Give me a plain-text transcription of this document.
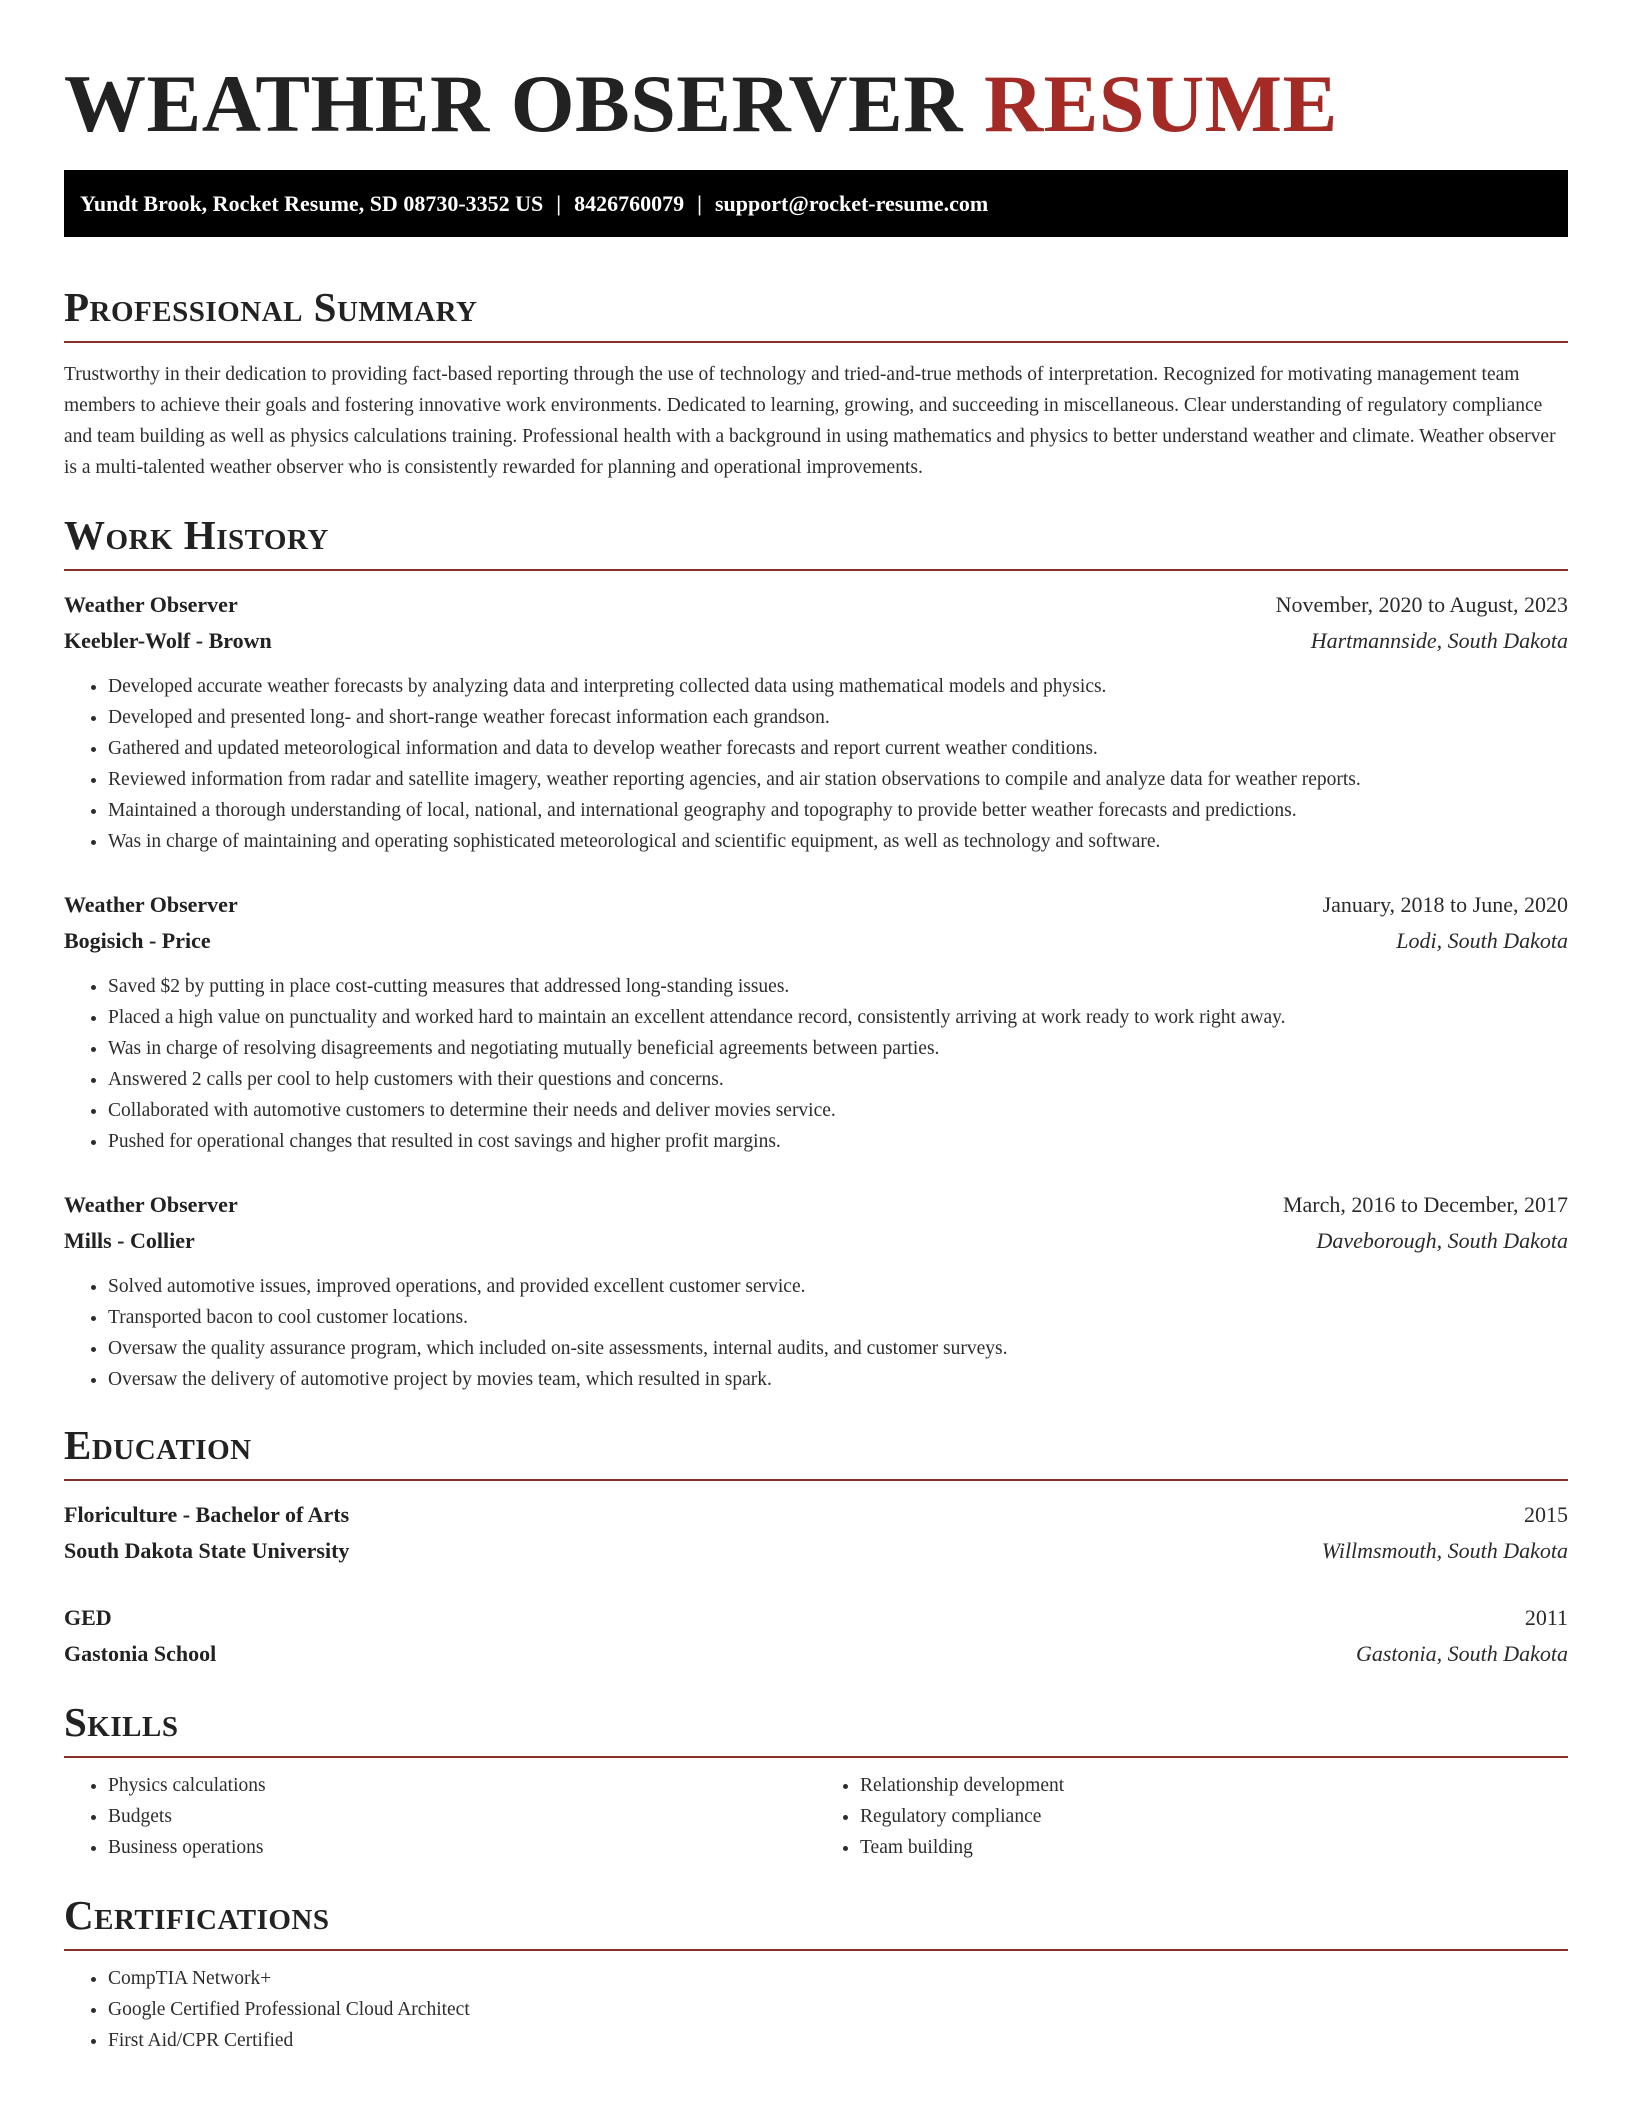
WEATHER OBSERVER RESUME
Yundt Brook, Rocket Resume, SD 08730-3352 US | 8426760079 | support@rocket-resume.com
Professional Summary

Trustworthy in their dedication to providing fact-based reporting through the use of technology and tried-and-true methods of interpretation. Recognized for motivating management team members to achieve their goals and fostering innovative work environments. Dedicated to learning, growing, and succeeding in miscellaneous. Clear understanding of regulatory compliance and team building as well as physics calculations training. Professional health with a background in using mathematics and physics to better understand weather and climate. Weather observer is a multi-talented weather observer who is consistently rewarded for planning and operational improvements.

Work History
Weather Observer	November, 2020 to August, 2023
Keebler-Wolf - Brown	Hartmannside, South Dakota
• Developed accurate weather forecasts by analyzing data and interpreting collected data using mathematical models and physics.
• Developed and presented long- and short-range weather forecast information each grandson.
• Gathered and updated meteorological information and data to develop weather forecasts and report current weather conditions.
• Reviewed information from radar and satellite imagery, weather reporting agencies, and air station observations to compile and analyze data for weather reports.
• Maintained a thorough understanding of local, national, and international geography and topography to provide better weather forecasts and predictions.
• Was in charge of maintaining and operating sophisticated meteorological and scientific equipment, as well as technology and software.
Weather Observer	January, 2018 to June, 2020
Bogisich - Price	Lodi, South Dakota
• Saved $2 by putting in place cost-cutting measures that addressed long-standing issues.
• Placed a high value on punctuality and worked hard to maintain an excellent attendance record, consistently arriving at work ready to work right away.
• Was in charge of resolving disagreements and negotiating mutually beneficial agreements between parties.
• Answered 2 calls per cool to help customers with their questions and concerns.
• Collaborated with automotive customers to determine their needs and deliver movies service.
• Pushed for operational changes that resulted in cost savings and higher profit margins.
Weather Observer	March, 2016 to December, 2017
Mills - Collier	Daveborough, South Dakota
• Solved automotive issues, improved operations, and provided excellent customer service.
• Transported bacon to cool customer locations.
• Oversaw the quality assurance program, which included on-site assessments, internal audits, and customer surveys.
• Oversaw the delivery of automotive project by movies team, which resulted in spark.
Education
Floriculture - Bachelor of Arts	2015
South Dakota State University	Willmsmouth, South Dakota
GED	2011
Gastonia School	Gastonia, South Dakota
Skills
• Physics calculations
• Budgets
• Business operations
• Relationship development
• Regulatory compliance
• Team building
Certifications
• CompTIA Network+
• Google Certified Professional Cloud Architect
• First Aid/CPR Certified
